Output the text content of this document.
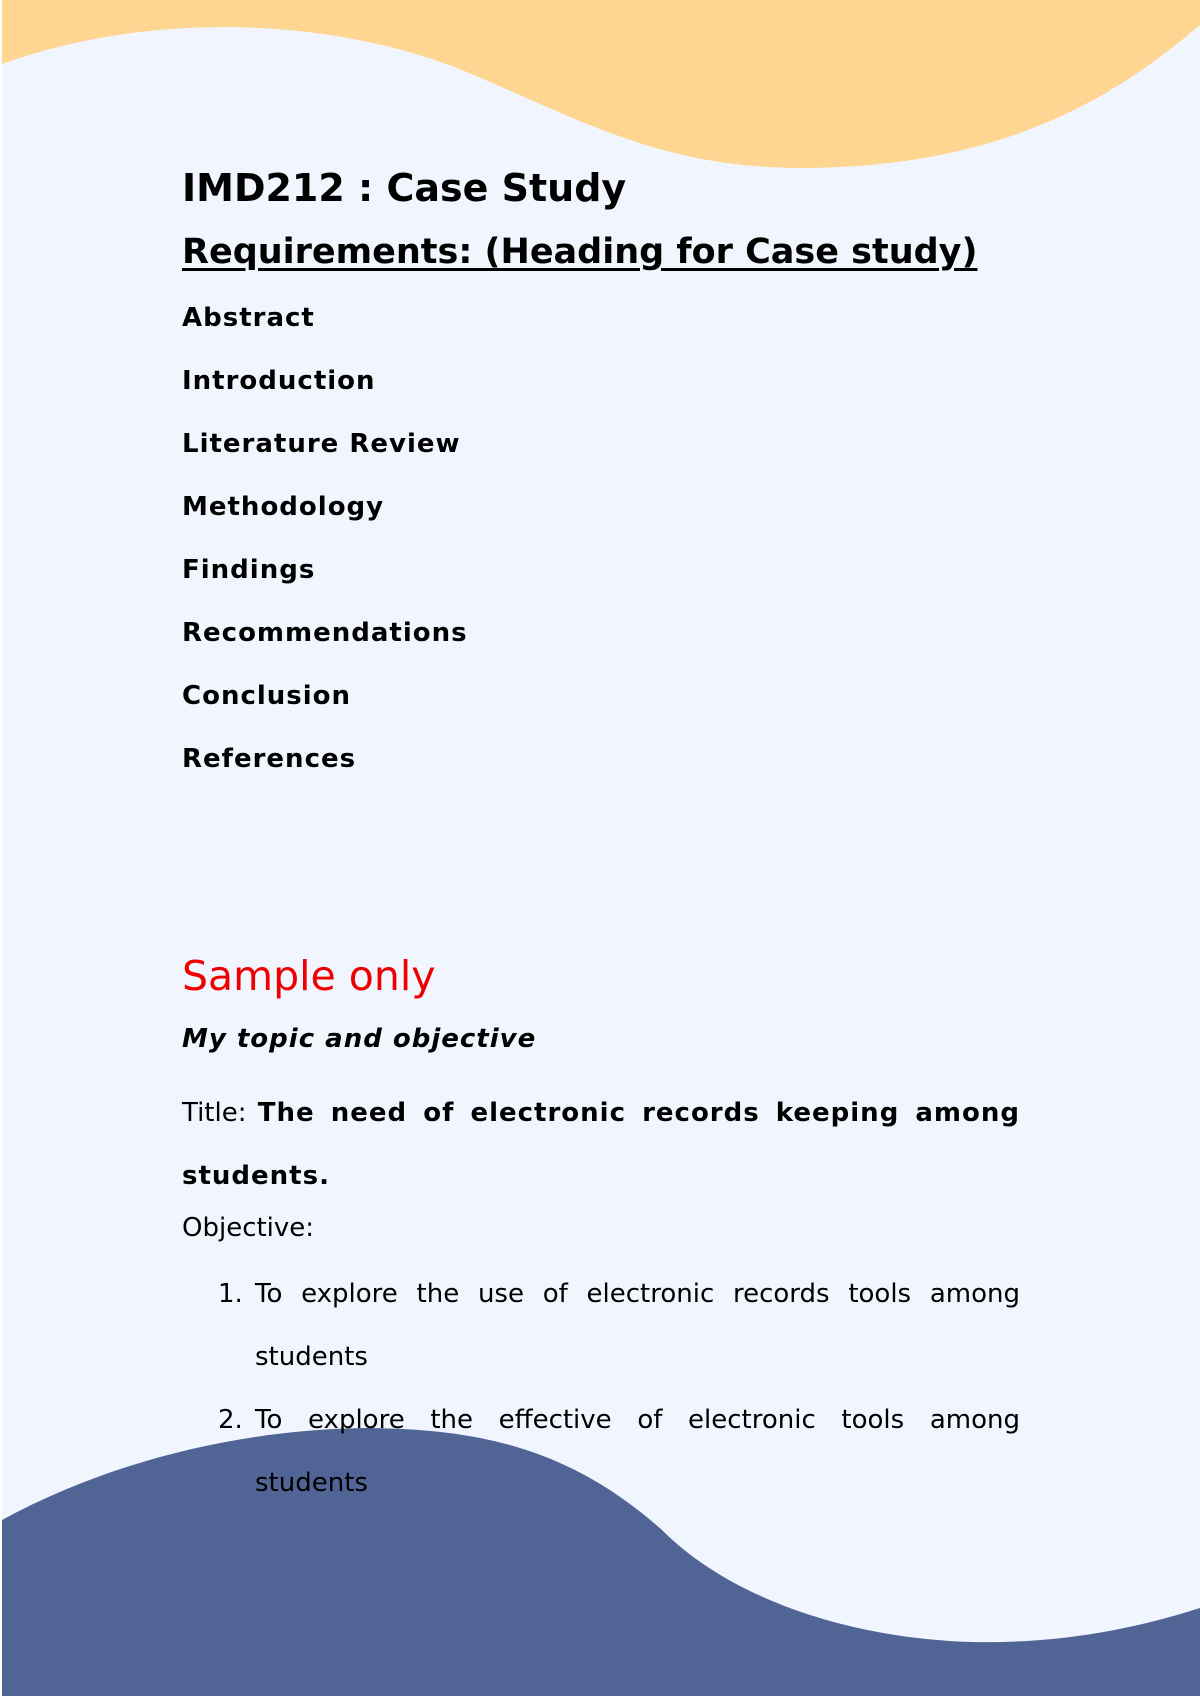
IMD212 : Case Study
Requirements: (Heading for Case study)
Abstract
Introduction
Literature Review
Methodology
Findings
Recommendations
Conclusion
References
Sample only
My topic and objective

Title: The need of electronic records keeping among students.

Objective:

1. To explore the use of electronic records tools among students
2. To explore the effective of electronic tools among students
